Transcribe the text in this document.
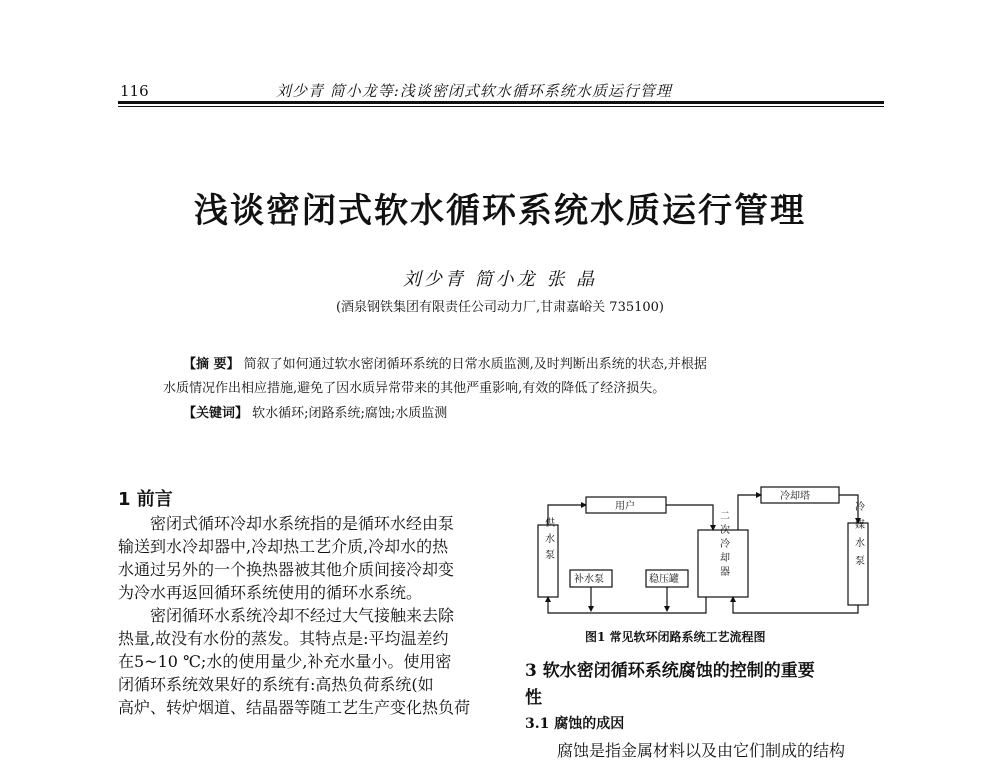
116	刘少青 简小龙等:浅谈密闭式软水循环系统水质运行管理
浅谈密闭式软水循环系统水质运行管理
刘少青 简小龙 张 晶
(酒泉钢铁集团有限责任公司动力厂,甘肃嘉峪关 735100)
【摘 要】 简叙了如何通过软水密闭循环系统的日常水质监测,及时判断出系统的状态,并根据
水质情况作出相应措施,避免了因水质异常带来的其他严重影响,有效的降低了经济损失。
【关键词】 软水循环;闭路系统;腐蚀;水质监测
1 前言
密闭式循环冷却水系统指的是循环水经由泵
输送到水冷却器中,冷却热工艺介质,冷却水的热
水通过另外的一个换热器被其他介质间接冷却变
为冷水再返回循环系统使用的循环水系统。
密闭循环水系统冷却不经过大气接触来去除
热量,故没有水份的蒸发。其特点是:平均温差约
在5~10 ℃;水的使用量少,补充水量小。使用密
闭循环系统效果好的系统有:高热负荷系统(如
高炉、转炉烟道、结晶器等随工艺生产变化热负荷
用户
冷却塔
补水泵	稳压罐
供水泵	冷媒水泵
二次冷却器
图1 常见软环闭路系统工艺流程图
3 软水密闭循环系统腐蚀的控制的重要
性
3.1 腐蚀的成因
腐蚀是指金属材料以及由它们制成的结构
